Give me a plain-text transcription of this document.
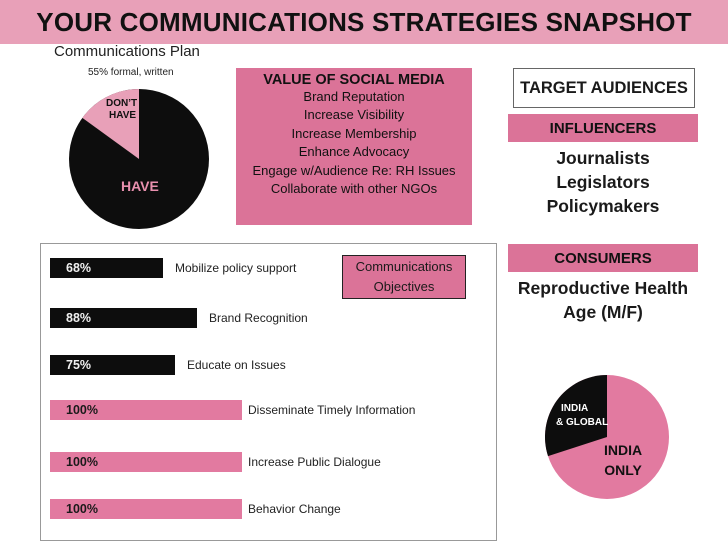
YOUR COMMUNICATIONS STRATEGIES SNAPSHOT
Communications Plan
55% formal, written
DON’T
HAVE
HAVE
VALUE OF SOCIAL MEDIA
Brand Reputation
Increase Visibility
Increase Membership
Enhance Advocacy
Engage w/Audience Re: RH Issues
Collaborate with other NGOs
TARGET AUDIENCES
INFLUENCERS
Journalists
Legislators
Policymakers
CONSUMERS
Reproductive Health
Age (M/F)
INDIA
& GLOBAL
INDIA
ONLY
Communications
Objectives
68%	Mobilize policy support
88%	Brand Recognition
75%	Educate on Issues
100%	Disseminate Timely Information
100%	Increase Public Dialogue
100%	Behavior Change
